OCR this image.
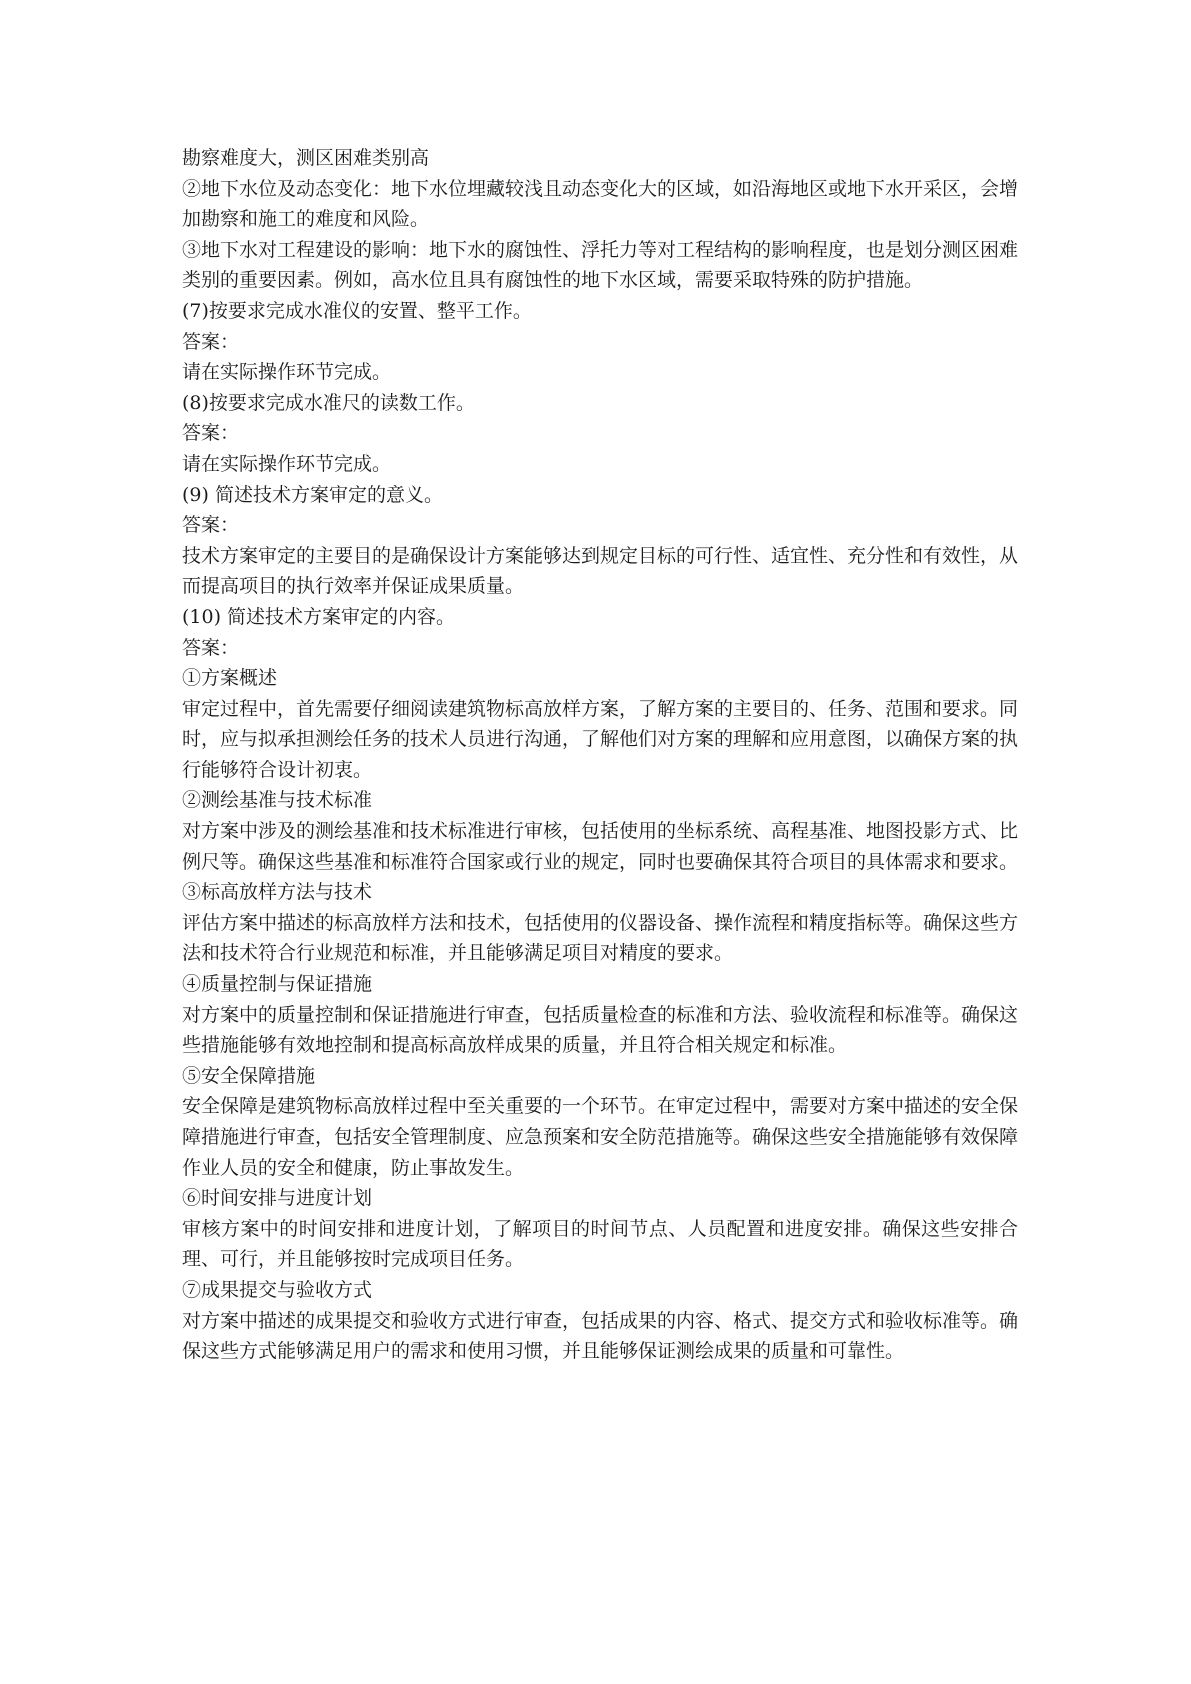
勘察难度大，测区困难类别高

②地下水位及动态变化：地下水位埋藏较浅且动态变化大的区域，如沿海地区或地下水开采区，会增加勘察和施工的难度和风险。

③地下水对工程建设的影响：地下水的腐蚀性、浮托力等对工程结构的影响程度，也是划分测区困难类别的重要因素。例如，高水位且具有腐蚀性的地下水区域，需要采取特殊的防护措施。

(7)按要求完成水准仪的安置、整平工作。
答案：
请在实际操作环节完成。
(8)按要求完成水准尺的读数工作。
答案：
请在实际操作环节完成。
(9) 简述技术方案审定的意义。
答案：

技术方案审定的主要目的是确保设计方案能够达到规定目标的可行性、适宜性、充分性和有效性，从而提高项目的执行效率并保证成果质量。

(10) 简述技术方案审定的内容。
答案：
①方案概述

审定过程中，首先需要仔细阅读建筑物标高放样方案，了解方案的主要目的、任务、范围和要求。同时，应与拟承担测绘任务的技术人员进行沟通，了解他们对方案的理解和应用意图，以确保方案的执行能够符合设计初衷。

②测绘基准与技术标准

对方案中涉及的测绘基准和技术标准进行审核，包括使用的坐标系统、高程基准、地图投影方式、比例尺等。确保这些基准和标准符合国家或行业的规定，同时也要确保其符合项目的具体需求和要求。

③标高放样方法与技术

评估方案中描述的标高放样方法和技术，包括使用的仪器设备、操作流程和精度指标等。确保这些方法和技术符合行业规范和标准，并且能够满足项目对精度的要求。

④质量控制与保证措施

对方案中的质量控制和保证措施进行审查，包括质量检查的标准和方法、验收流程和标准等。确保这些措施能够有效地控制和提高标高放样成果的质量，并且符合相关规定和标准。

⑤安全保障措施

安全保障是建筑物标高放样过程中至关重要的一个环节。在审定过程中，需要对方案中描述的安全保障措施进行审查，包括安全管理制度、应急预案和安全防范措施等。确保这些安全措施能够有效保障作业人员的安全和健康，防止事故发生。

⑥时间安排与进度计划

审核方案中的时间安排和进度计划，了解项目的时间节点、人员配置和进度安排。确保这些安排合理、可行，并且能够按时完成项目任务。

⑦成果提交与验收方式

对方案中描述的成果提交和验收方式进行审查，包括成果的内容、格式、提交方式和验收标准等。确保这些方式能够满足用户的需求和使用习惯，并且能够保证测绘成果的质量和可靠性。
